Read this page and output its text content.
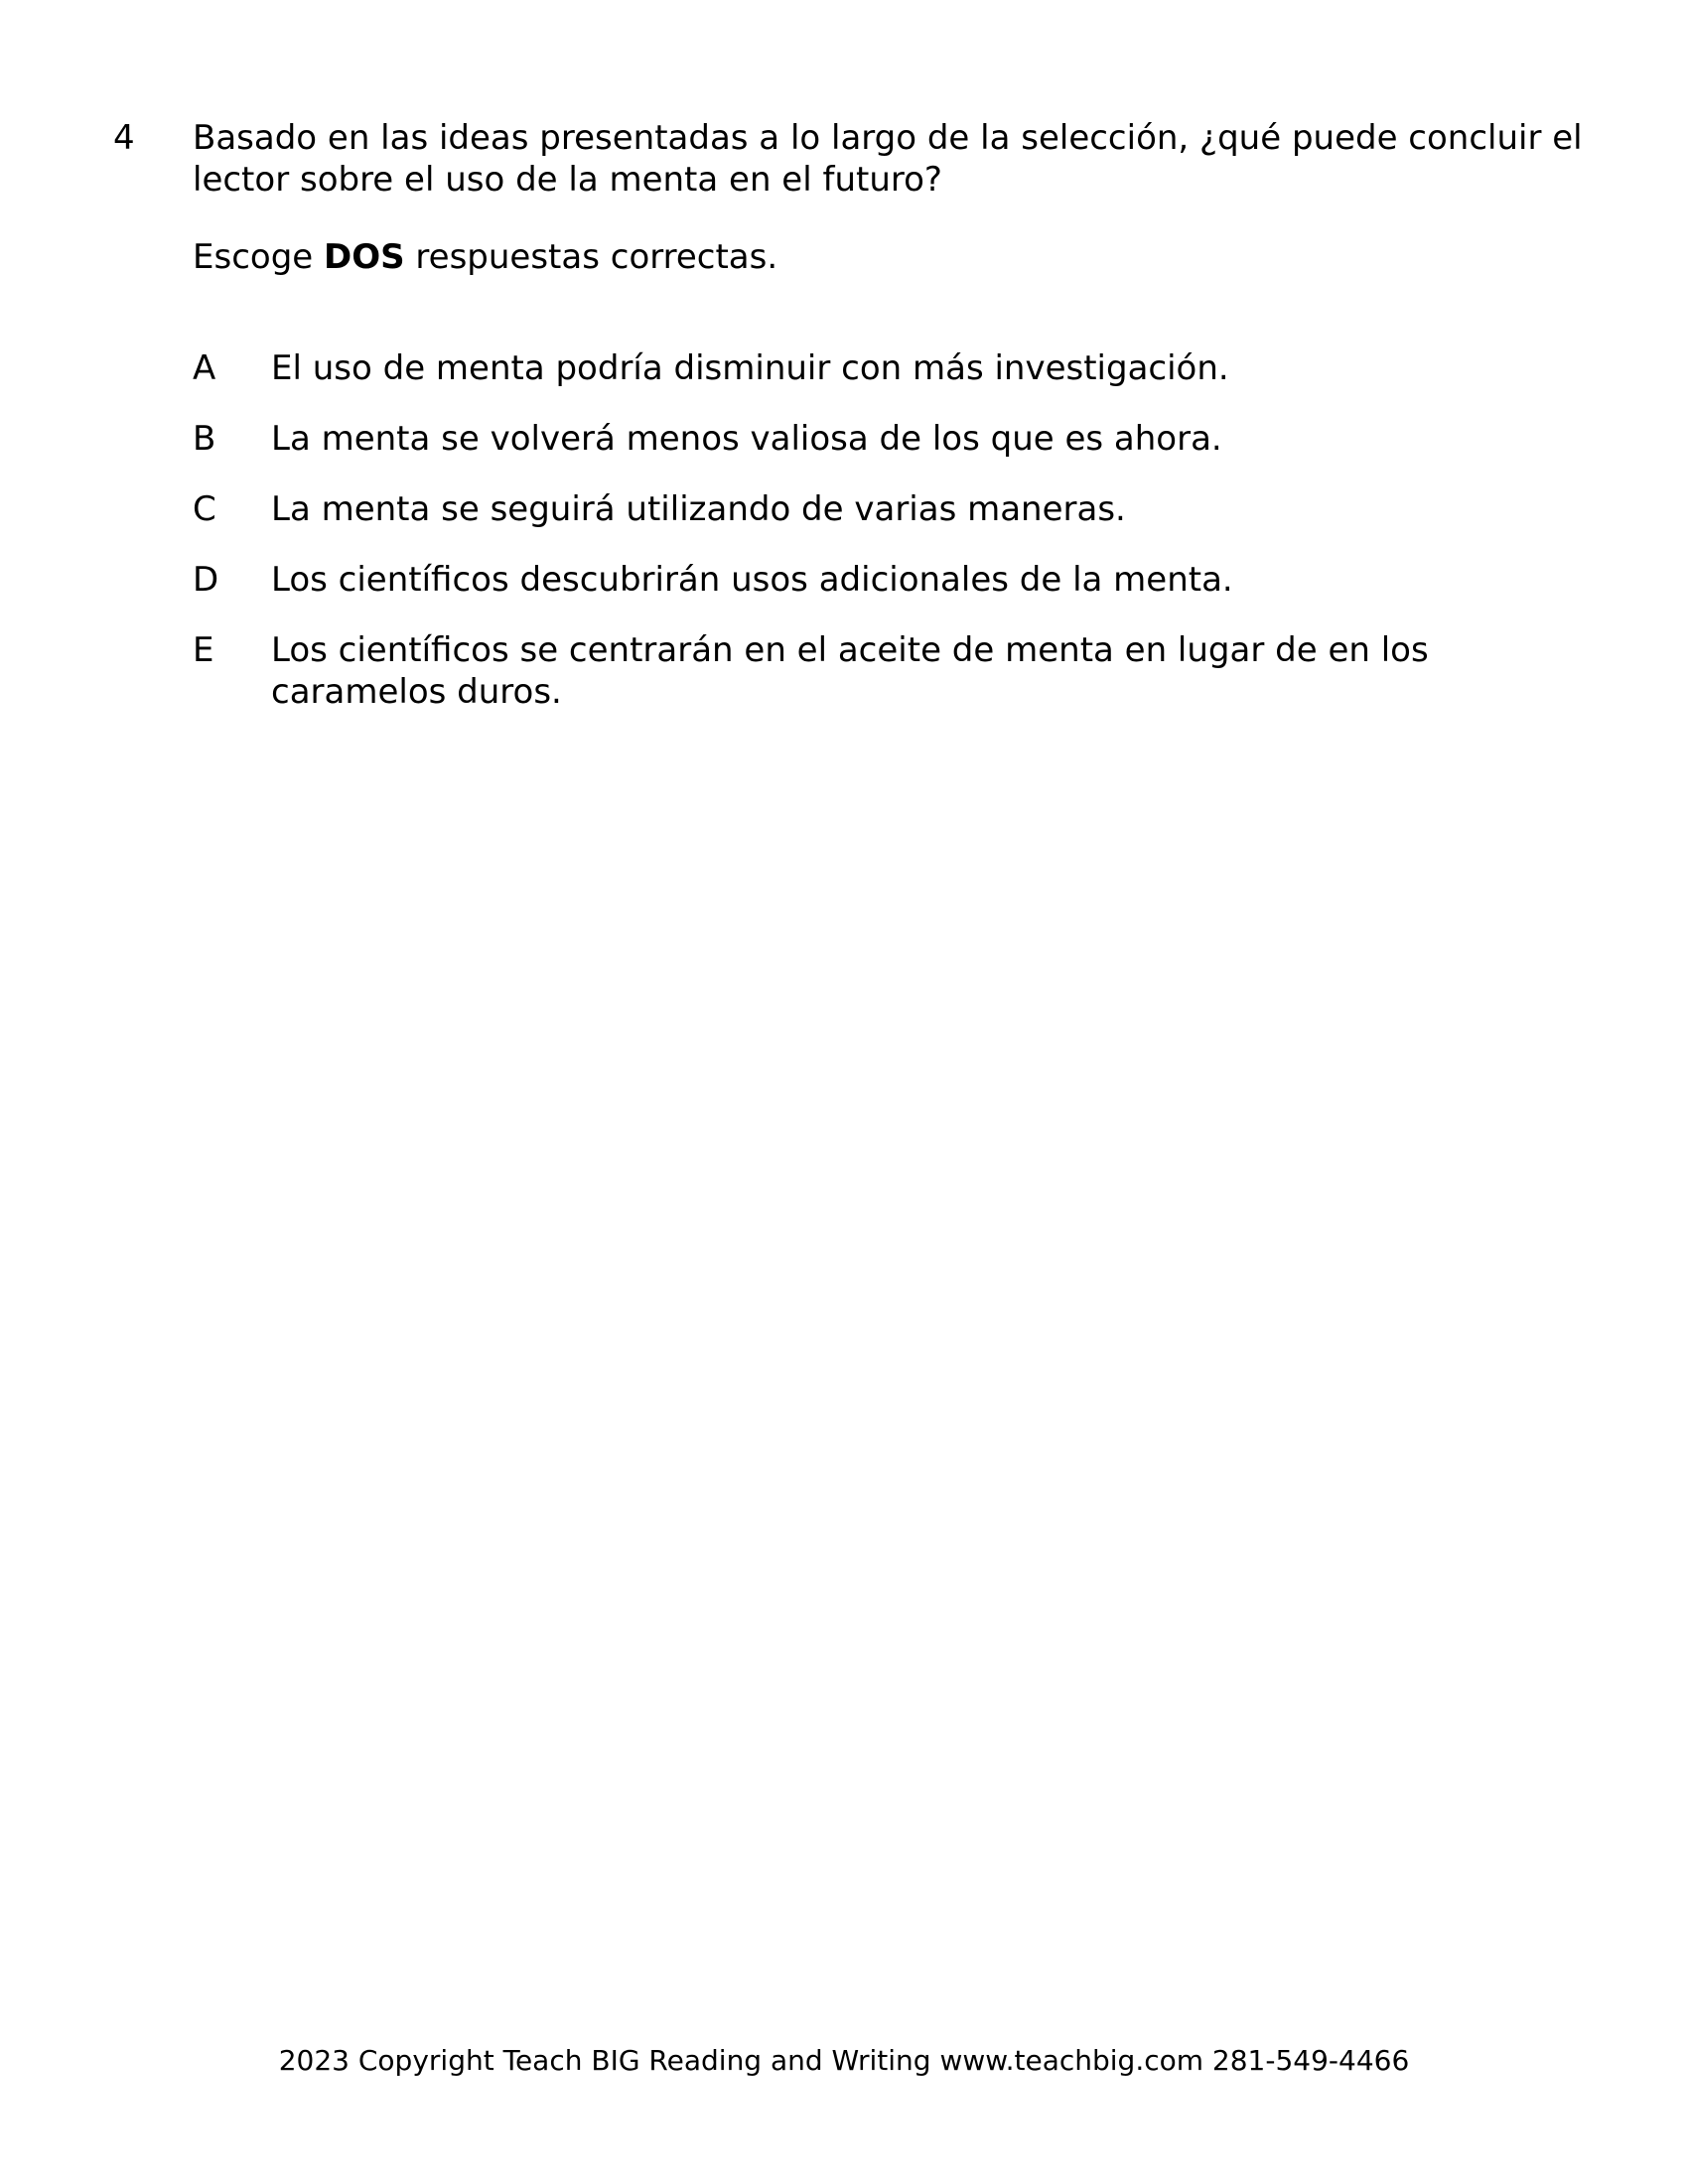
4 Basado en las ideas presentadas a lo largo de la selección, ¿qué puede concluir el lector sobre el uso de la menta en el futuro?
Escoge DOS respuestas correctas.
A	El uso de menta podría disminuir con más investigación.
B	La menta se volverá menos valiosa de los que es ahora.
C	La menta se seguirá utilizando de varias maneras.
D	Los científicos descubrirán usos adicionales de la menta.
E	Los científicos se centrarán en el aceite de menta en lugar de en los caramelos duros.
2023 Copyright Teach BIG Reading and Writing www.teachbig.com 281-549-4466
